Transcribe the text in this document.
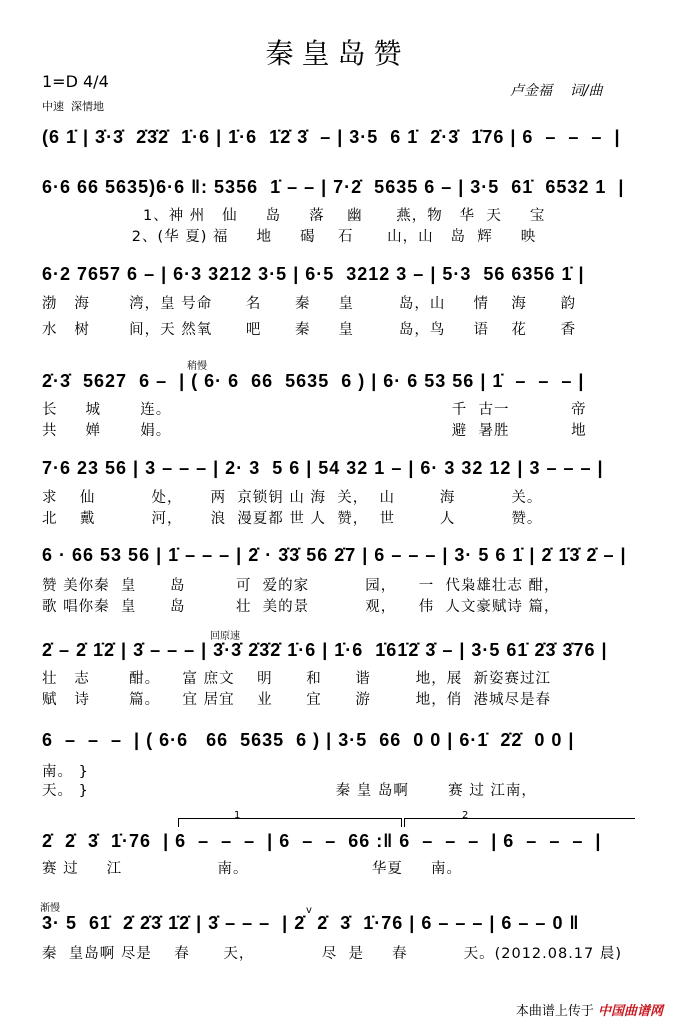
秦皇岛赞
1=D 4/4
中速  深情地
卢金福    词/曲
稍慢
回原速
渐慢
1	2
v
(6 1̇ | 3̇·3̇  2̇3̇2̇  1̇·6 | 1̇·6  1̇2̇ 3̇  – | 3·5  6 1̇  2̇·3̇  1̇76 | 6  –  –  –  |
6·6 66 5635)6·6 ‖: 5356  1̇ – – | 7·2̇  5635 6 – | 3·5  61̇  6532 1  |
1、神 州   仙     岛     落    幽      燕，物   华  天     宝
2、(华 夏) 福     地     碣    石      山，山   岛  辉     映
6·2 7657 6 – | 6·3 3212 3·5 | 6·5  3212 3 – | 5·3  56 6356 1̇ |
渤   海       湾，皇 号命      名      秦     皇        岛，山     情    海      韵
水   树       间，天 然氧      吧      秦     皇        岛，鸟     语    花      香
2̇·3̇  5627  6 –  | ( 6· 6  66  5635  6 ) | 6· 6 53 56 | 1̇  –  –  – |
长     城       连。                                                  千  古一           帝
共     婵       娟。                                                  避  暑胜           地
7·6 23 56 | 3 – – – | 2· 3  5 6 | 54 32 1 – | 6· 3 32 12 | 3 – – – |
求    仙          处，     两  京锁钥 山 海  关，  山        海          关。
北    戴          河，     浪  漫夏都 世 人  赞，  世        人          赞。
6 · 66 53 56 | 1̇ – – – | 2̇ · 3̇3̇ 56 2̇7 | 6 – – – | 3· 5 6 1̇ | 2̇ 1̇3̇ 2̇ – |
赞 美你秦  皇      岛         可  爱的家          园，    一  代枭雄壮志 酣，
歌 唱你秦  皇      岛         壮  美的景          观，    伟  人文豪赋诗 篇，
2̇ – 2̇ 1̇2̇ | 3̇ – – – | 3̇·3̇ 2̇3̇2̇ 1̇·6 | 1̇·6  1̇61̇2̇ 3̇ – | 3·5 61̇ 2̇3̇ 3̇76 |
壮   志       酣。    富 庶文    明      和      谐        地，展  新姿赛过江
赋   诗       篇。    宜 居宜    业      宜      游        地，俏  港城尽是春
6  –  –  –  | ( 6·6   66  5635  6 ) | 3·5  66  0 0 | 6·1̇  2̇2̇  0 0 |
南。 }
天。 }                                            秦 皇 岛啊       赛 过 江南，
2̇  2̇  3̇  1̇·76  | 6  –  –  –  | 6  –  –  66 :‖ 6  –  –  –  | 6  –  –  –  |
赛 过     江                 南。                      华夏     南。
3· 5  61̇  2̇ 2̇3̇ 1̇2̇ | 3̇ – – –  | 2̇  2̇  3̇  1̇·76 | 6 – – – | 6 – – 0 ‖
秦  皇岛啊 尽是    春      天，            尽  是     春          天。(2012.08.17 晨)
本曲谱上传于 中国曲谱网
